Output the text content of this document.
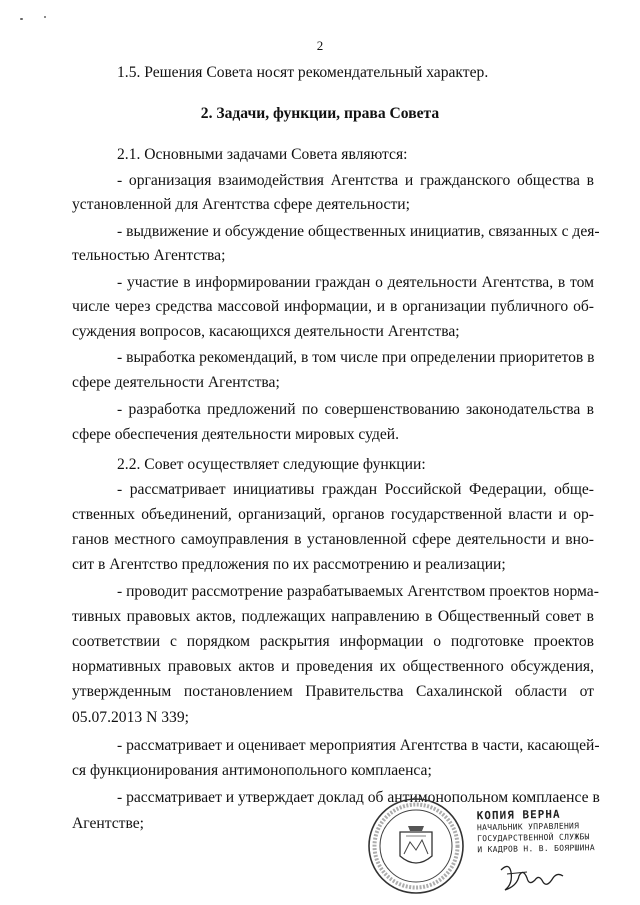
2
1.5. Решения Совета носят рекомендательный характер.
2. Задачи, функции, права Совета
2.1. Основными задачами Совета являются:
- организация взаимодействия Агентства и гражданского общества в
установленной для Агентства сфере деятельности;
- выдвижение и обсуждение общественных инициатив, связанных с дея-
тельностью Агентства;
- участие в информировании граждан о деятельности Агентства, в том
числе через средства массовой информации, и в организации публичного об-
суждения вопросов, касающихся деятельности Агентства;
- выработка рекомендаций, в том числе при определении приоритетов в
сфере деятельности Агентства;
- разработка предложений по совершенствованию законодательства в
сфере обеспечения деятельности мировых судей.
2.2. Совет осуществляет следующие функции:
- рассматривает инициативы граждан Российской Федерации, обще-
ственных объединений, организаций, органов государственной власти и ор-
ганов местного самоуправления в установленной сфере деятельности и вно-
сит в Агентство предложения по их рассмотрению и реализации;
- проводит рассмотрение разрабатываемых Агентством проектов норма-
тивных правовых актов, подлежащих направлению в Общественный совет в
соответствии с порядком раскрытия информации о подготовке проектов
нормативных правовых актов и проведения их общественного обсуждения,
утвержденным постановлением Правительства Сахалинской области от
05.07.2013 N 339;
- рассматривает и оценивает мероприятия Агентства в части, касающей-
ся функционирования антимонопольного комплаенса;
- рассматривает и утверждает доклад об антимонопольном комплаенсе в
Агентстве;
КОПИЯ ВЕРНА
НАЧАЛЬНИК УПРАВЛЕНИЯ
ГОСУДАРСТВЕННОЙ СЛУЖБЫ
И КАДРОВ Н. В. БОЯРШИНА
